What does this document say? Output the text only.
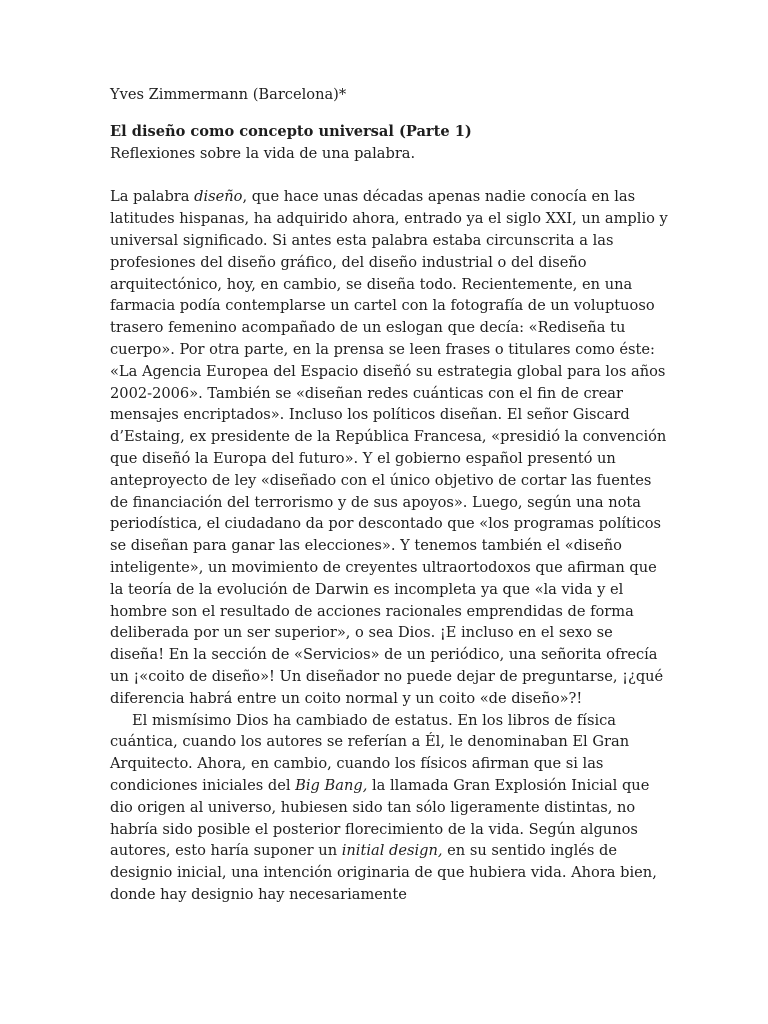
Yves Zimmermann (Barcelona)*

El diseño como concepto universal (Parte 1)

Reflexiones sobre la vida de una palabra.

La palabra diseño, que hace unas décadas apenas nadie conocía en las latitudes hispanas, ha adquirido ahora, entrado ya el siglo XXI, un amplio y universal significado. Si antes esta palabra estaba circunscrita a las profesiones del diseño gráfico, del diseño industrial o del diseño arquitectónico, hoy, en cambio, se diseña todo. Recientemente, en una farmacia podía contemplarse un cartel con la fotografía de un voluptuoso trasero femenino acompañado de un eslogan que decía: «Rediseña tu cuerpo». Por otra parte, en la prensa se leen frases o titulares como éste: «La Agencia Europea del Espacio diseñó su estrategia global para los años 2002-2006». También se «diseñan redes cuánticas con el fin de crear mensajes encriptados». Incluso los políticos diseñan. El señor Giscard d’Estaing, ex presidente de la República Francesa, «presidió la convención que diseñó la Europa del futuro». Y el gobierno español presentó un anteproyecto de ley «diseñado con el único objetivo de cortar las fuentes de financiación del terrorismo y de sus apoyos». Luego, según una nota periodística, el ciudadano da por descontado que «los programas políticos se diseñan para ganar las elecciones». Y tenemos también el «diseño inteligente», un movimiento de creyentes ultraortodoxos que afirman que la teoría de la evolución de Darwin es incompleta ya que «la vida y el hombre son el resultado de acciones racionales emprendidas de forma deliberada por un ser superior», o sea Dios. ¡E incluso en el sexo se diseña! En la sección de «Servicios» de un periódico, una señorita ofrecía un ¡«coito de diseño»! Un diseñador no puede dejar de preguntarse, ¡¿qué diferencia habrá entre un coito normal y un coito «de diseño»?!

El mismísimo Dios ha cambiado de estatus. En los libros de física cuántica, cuando los autores se referían a Él, le denominaban El Gran Arquitecto. Ahora, en cambio, cuando los físicos afirman que si las condiciones iniciales del Big Bang, la llamada Gran Explosión Inicial que dio origen al universo, hubiesen sido tan sólo ligeramente distintas, no habría sido posible el posterior florecimiento de la vida. Según algunos autores, esto haría suponer un initial design, en su sentido inglés de designio inicial, una intención originaria de que hubiera vida. Ahora bien, donde hay designio hay necesariamente
